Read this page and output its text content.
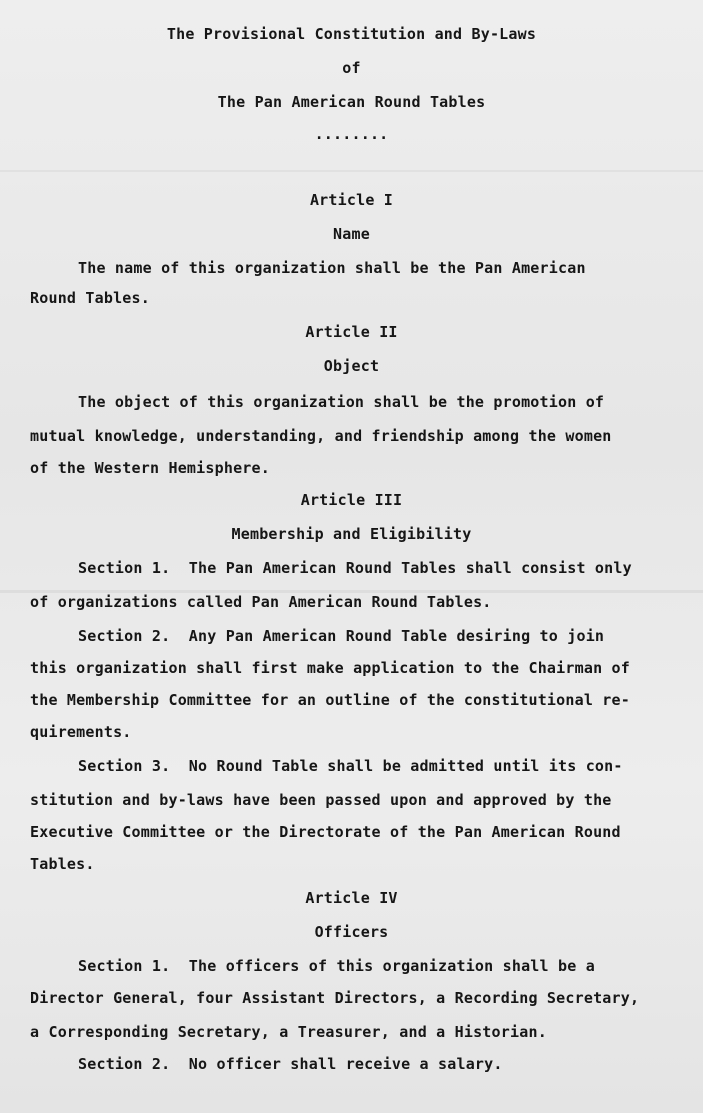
The Provisional Constitution and By-Laws
of
The Pan American Round Tables
........
Article I
Name
The name of this organization shall be the Pan American
Round Tables.
Article II
Object
The object of this organization shall be the promotion of
mutual knowledge, understanding, and friendship among the women
of the Western Hemisphere.
Article III
Membership and Eligibility
Section 1.  The Pan American Round Tables shall consist only
of organizations called Pan American Round Tables.
Section 2.  Any Pan American Round Table desiring to join
this organization shall first make application to the Chairman of
the Membership Committee for an outline of the constitutional re-
quirements.
Section 3.  No Round Table shall be admitted until its con-
stitution and by-laws have been passed upon and approved by the
Executive Committee or the Directorate of the Pan American Round
Tables.
Article IV
Officers
Section 1.  The officers of this organization shall be a
Director General, four Assistant Directors, a Recording Secretary,
a Corresponding Secretary, a Treasurer, and a Historian.
Section 2.  No officer shall receive a salary.
